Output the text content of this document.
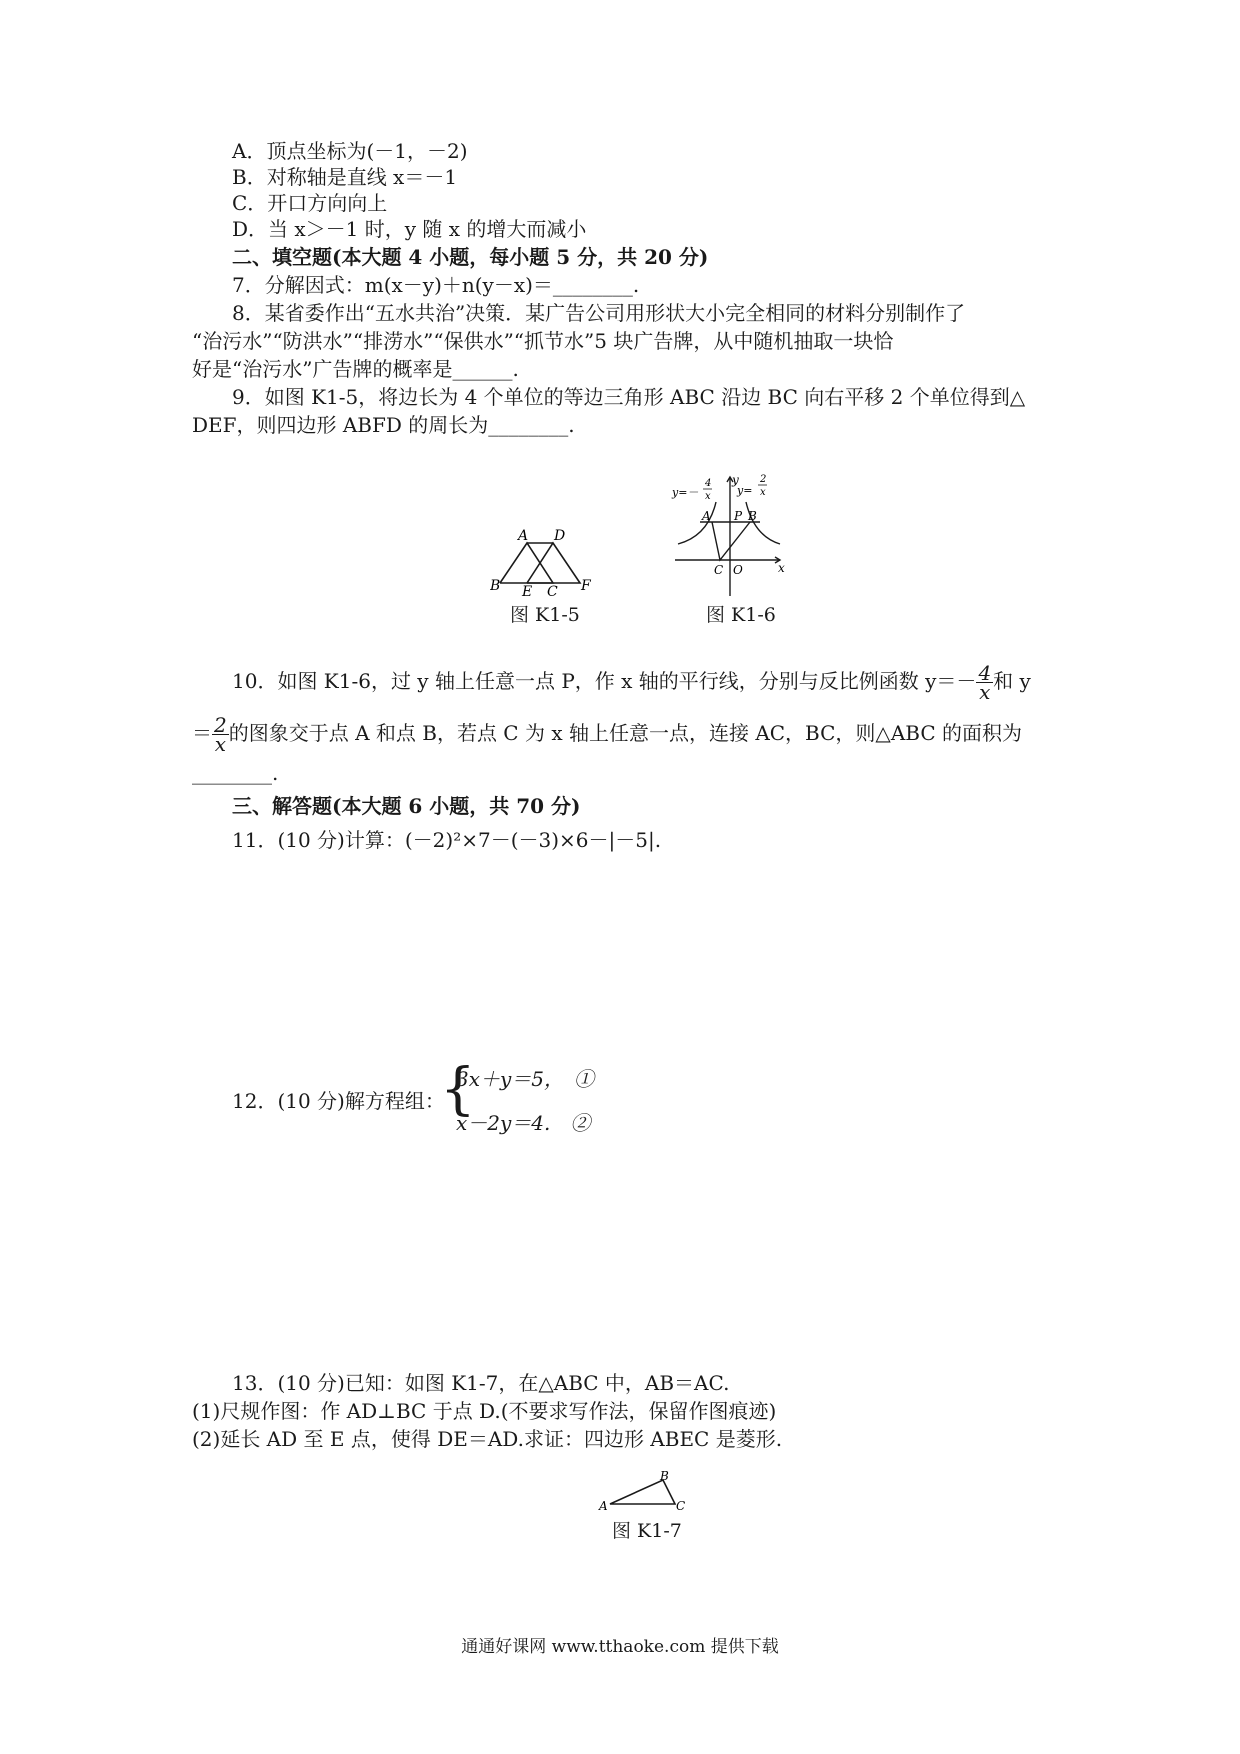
A．顶点坐标为(－1，－2)
B．对称轴是直线 x＝－1
C．开口方向向上
D．当 x＞－1 时，y 随 x 的增大而减小
二、填空题(本大题 4 小题，每小题 5 分，共 20 分)
7．分解因式：m(x－y)＋n(y－x)＝________.
8．某省委作出“五水共治”决策．某广告公司用形状大小完全相同的材料分别制作了
“治污水”“防洪水”“排涝水”“保供水”“抓节水”5 块广告牌，从中随机抽取一块恰
好是“治污水”广告牌的概率是______.
9．如图 K1-5，将边长为 4 个单位的等边三角形 ABC 沿边 BC 向右平移 2 个单位得到△
DEF，则四边形 ABFD 的周长为________.
A D
B E C F
图 K1-5
y=－
4
x y=
2
x
y
x
A P B
C O
图 K1-6
10．如图 K1-6，过 y 轴上任意一点 P，作 x 轴的平行线，分别与反比例函数 $y=- \frac{4}{x}$ 和 y
＝ $\frac{2}{x}$ 的图象交于点 A 和点 B，若点 C 为 x 轴上任意一点，连接 AC，BC，则△ABC 的面积为
________.
三、解答题(本大题 6 小题，共 70 分)
11．(10 分)计算：(－2)²×7－(－3)×6－|－5|.
12．(10 分)解方程组：
{
3x＋y＝5，　①
x－2y＝4.　②
13．(10 分)已知：如图 K1-7，在△ABC 中，AB＝AC.
(1)尺规作图：作 AD⊥BC 于点 D.(不要求写作法，保留作图痕迹)
(2)延长 AD 至 E 点，使得 DE＝AD.求证：四边形 ABEC 是菱形.
A
B
C
图 K1-7
通通好课网 www.tthaoke.com 提供下载
